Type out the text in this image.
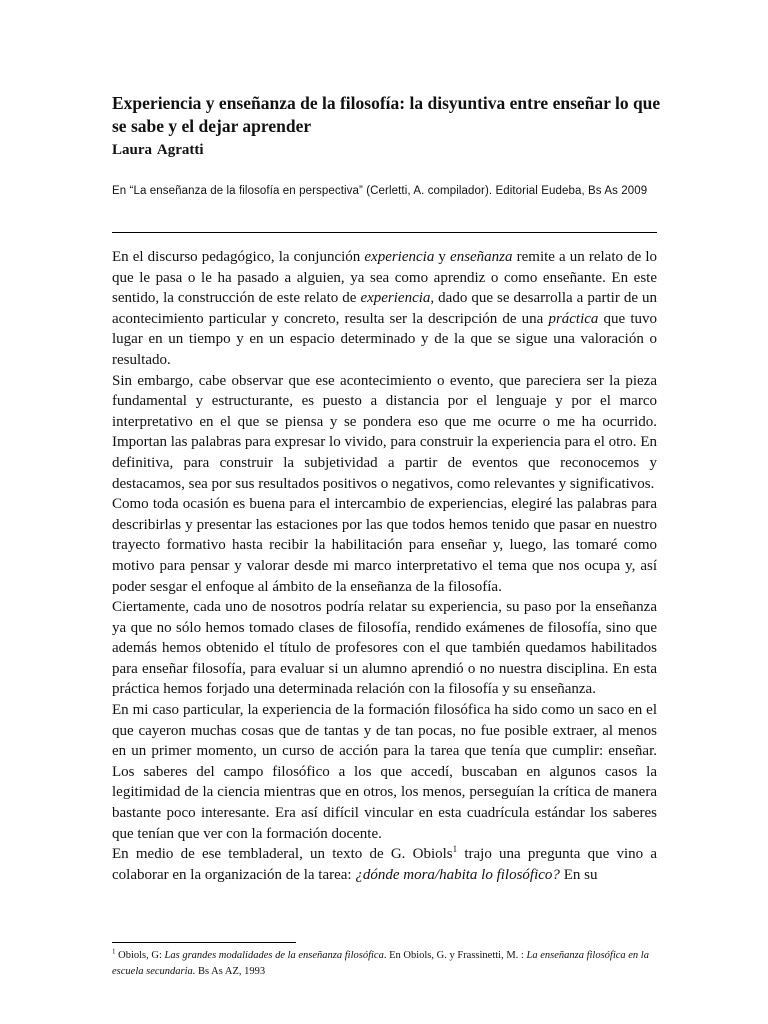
Experiencia y enseñanza de la filosofía: la disyuntiva entre enseñar lo que se sabe y el dejar aprender

Laura Agratti

En “La enseñanza de la filosofía en perspectiva” (Cerletti, A. compilador). Editorial Eudeba, Bs As 2009

En el discurso pedagógico, la conjunción experiencia y enseñanza remite a un relato de lo que le pasa o le ha pasado a alguien, ya sea como aprendiz o como enseñante. En este sentido, la construcción de este relato de experiencia, dado que se desarrolla a partir de un acontecimiento particular y concreto, resulta ser la descripción de una práctica que tuvo lugar en un tiempo y en un espacio determinado y de la que se sigue una valoración o resultado.

Sin embargo, cabe observar que ese acontecimiento o evento, que pareciera ser la pieza fundamental y estructurante, es puesto a distancia por el lenguaje y por el marco interpretativo en el que se piensa y se pondera eso que me ocurre o me ha ocurrido. Importan las palabras para expresar lo vivido, para construir la experiencia para el otro. En definitiva, para construir la subjetividad a partir de eventos que reconocemos y destacamos, sea por sus resultados positivos o negativos, como relevantes y significativos.

Como toda ocasión es buena para el intercambio de experiencias, elegiré las palabras para describirlas y presentar las estaciones por las que todos hemos tenido que pasar en nuestro trayecto formativo hasta recibir la habilitación para enseñar y, luego, las tomaré como motivo para pensar y valorar desde mi marco interpretativo el tema que nos ocupa y, así poder sesgar el enfoque al ámbito de la enseñanza de la filosofía.

Ciertamente, cada uno de nosotros podría relatar su experiencia, su paso por la enseñanza ya que no sólo hemos tomado clases de filosofía, rendido exámenes de filosofía, sino que además hemos obtenido el título de profesores con el que también quedamos habilitados para enseñar filosofía, para evaluar si un alumno aprendió o no nuestra disciplina. En esta práctica hemos forjado una determinada relación con la filosofía y su enseñanza.

En mi caso particular, la experiencia de la formación filosófica ha sido como un saco en el que cayeron muchas cosas que de tantas y de tan pocas, no fue posible extraer, al menos en un primer momento, un curso de acción para la tarea que tenía que cumplir: enseñar. Los saberes del campo filosófico a los que accedí, buscaban en algunos casos la legitimidad de la ciencia mientras que en otros, los menos, perseguían la crítica de manera bastante poco interesante. Era así difícil vincular en esta cuadrícula estándar los saberes que tenían que ver con la formación docente.

En medio de ese tembladeral, un texto de G. Obiols$^1$ trajo una pregunta que vino a colaborar en la organización de la tarea: ¿dónde mora/habita lo filosófico? En su

$^1$ Obiols, G: Las grandes modalidades de la enseñanza filosófica. En Obiols, G. y Frassinetti, M. : La enseñanza filosófica en la escuela secundaria. Bs As AZ, 1993
